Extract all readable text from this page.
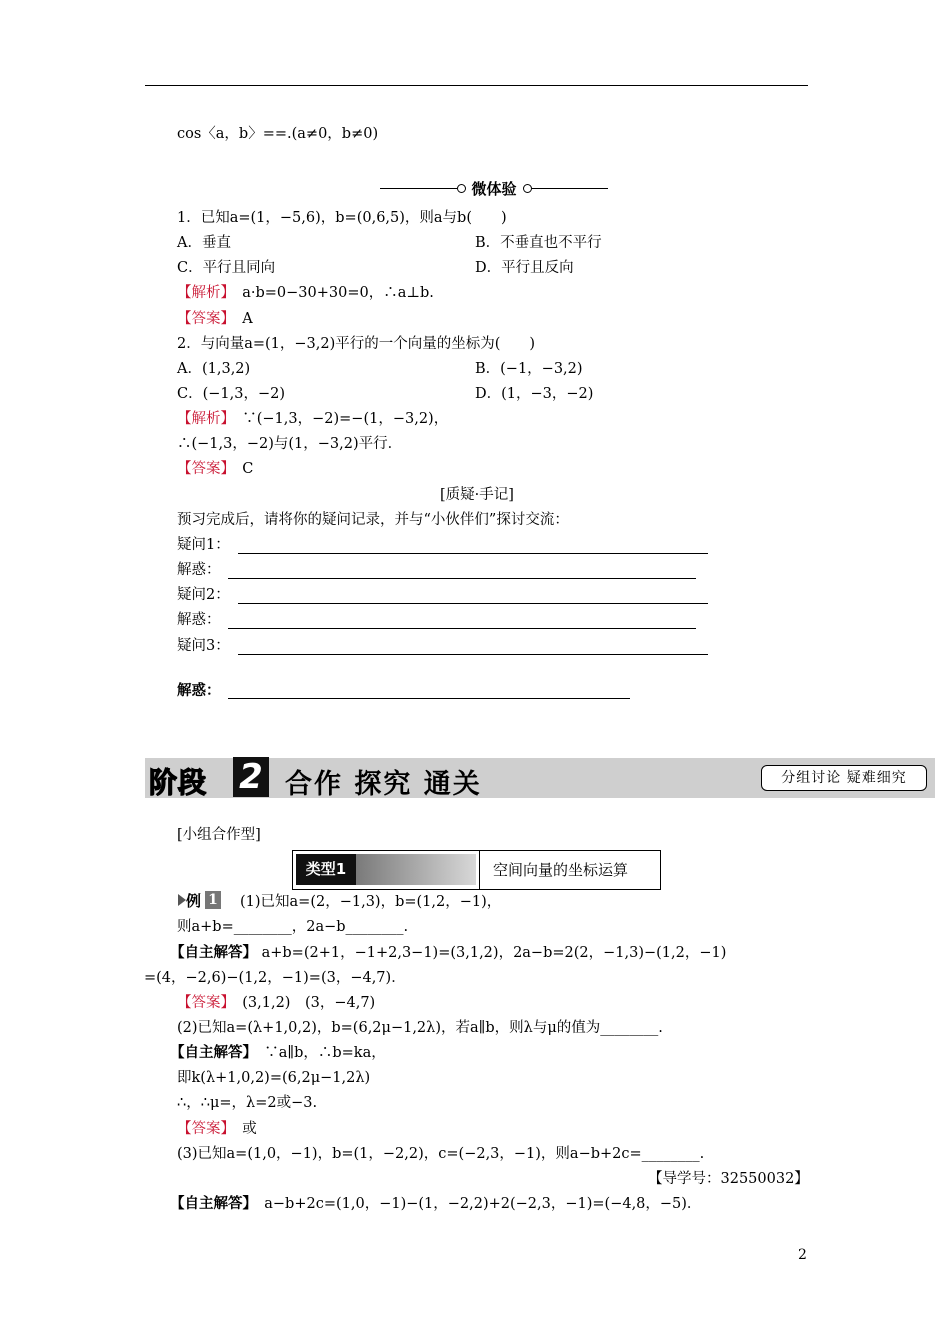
cos〈a，b〉==.(a≠0，b≠0)
微体验
1．已知a=(1，−5,6)，b=(0,6,5)，则a与b(　　)
A．垂直	B．不垂直也不平行
C．平行且同向	D．平行且反向
【解析】　 a·b=0−30+30=0，∴a⊥b.
【答案】　 A
2．与向量a=(1，−3,2)平行的一个向量的坐标为(　　)
A．(1,3,2)	B．(−1，−3,2)
C．(−1,3，−2)	D．(1，−3，−2)
【解析】　 ∵(−1,3，−2)=−(1，−3,2)，
∴(−1,3，−2)与(1，−3,2)平行．
【答案】　 C
[质疑·手记]
预习完成后，请将你的疑问记录，并与“小伙伴们”探讨交流：
疑问1：
解惑：
疑问2：
解惑：
疑问3：
解惑：
阶段 2 合作 探究 通关	分组讨论 疑难细究
[小组合作型]
类型1	空间向量的坐标运算
例 1 (1)已知a=(2，−1,3)，b=(1,2，−1)，
则a+b=________，2a−b________.
【自主解答】 a+b=(2+1，−1+2,3−1)=(3,1,2)，2a−b=2(2，−1,3)−(1,2，−1)
=(4，−2,6)−(1,2，−1)=(3，−4,7)．
【答案】　 (3,1,2)　(3，−4,7)
(2)已知a=(λ+1,0,2)，b=(6,2μ−1,2λ)，若a∥b，则λ与μ的值为________.
【自主解答】　 ∵a∥b，∴b=ka，
即k(λ+1,0,2)=(6,2μ−1,2λ)
∴，∴μ=，λ=2或−3.
【答案】　 或
(3)已知a=(1,0，−1)，b=(1，−2,2)，c=(−2,3，−1)，则a−b+2c=________.
【导学号：32550032】
【自主解答】　 a−b+2c=(1,0，−1)−(1，−2,2)+2(−2,3，−1)=(−4,8，−5)．
2
